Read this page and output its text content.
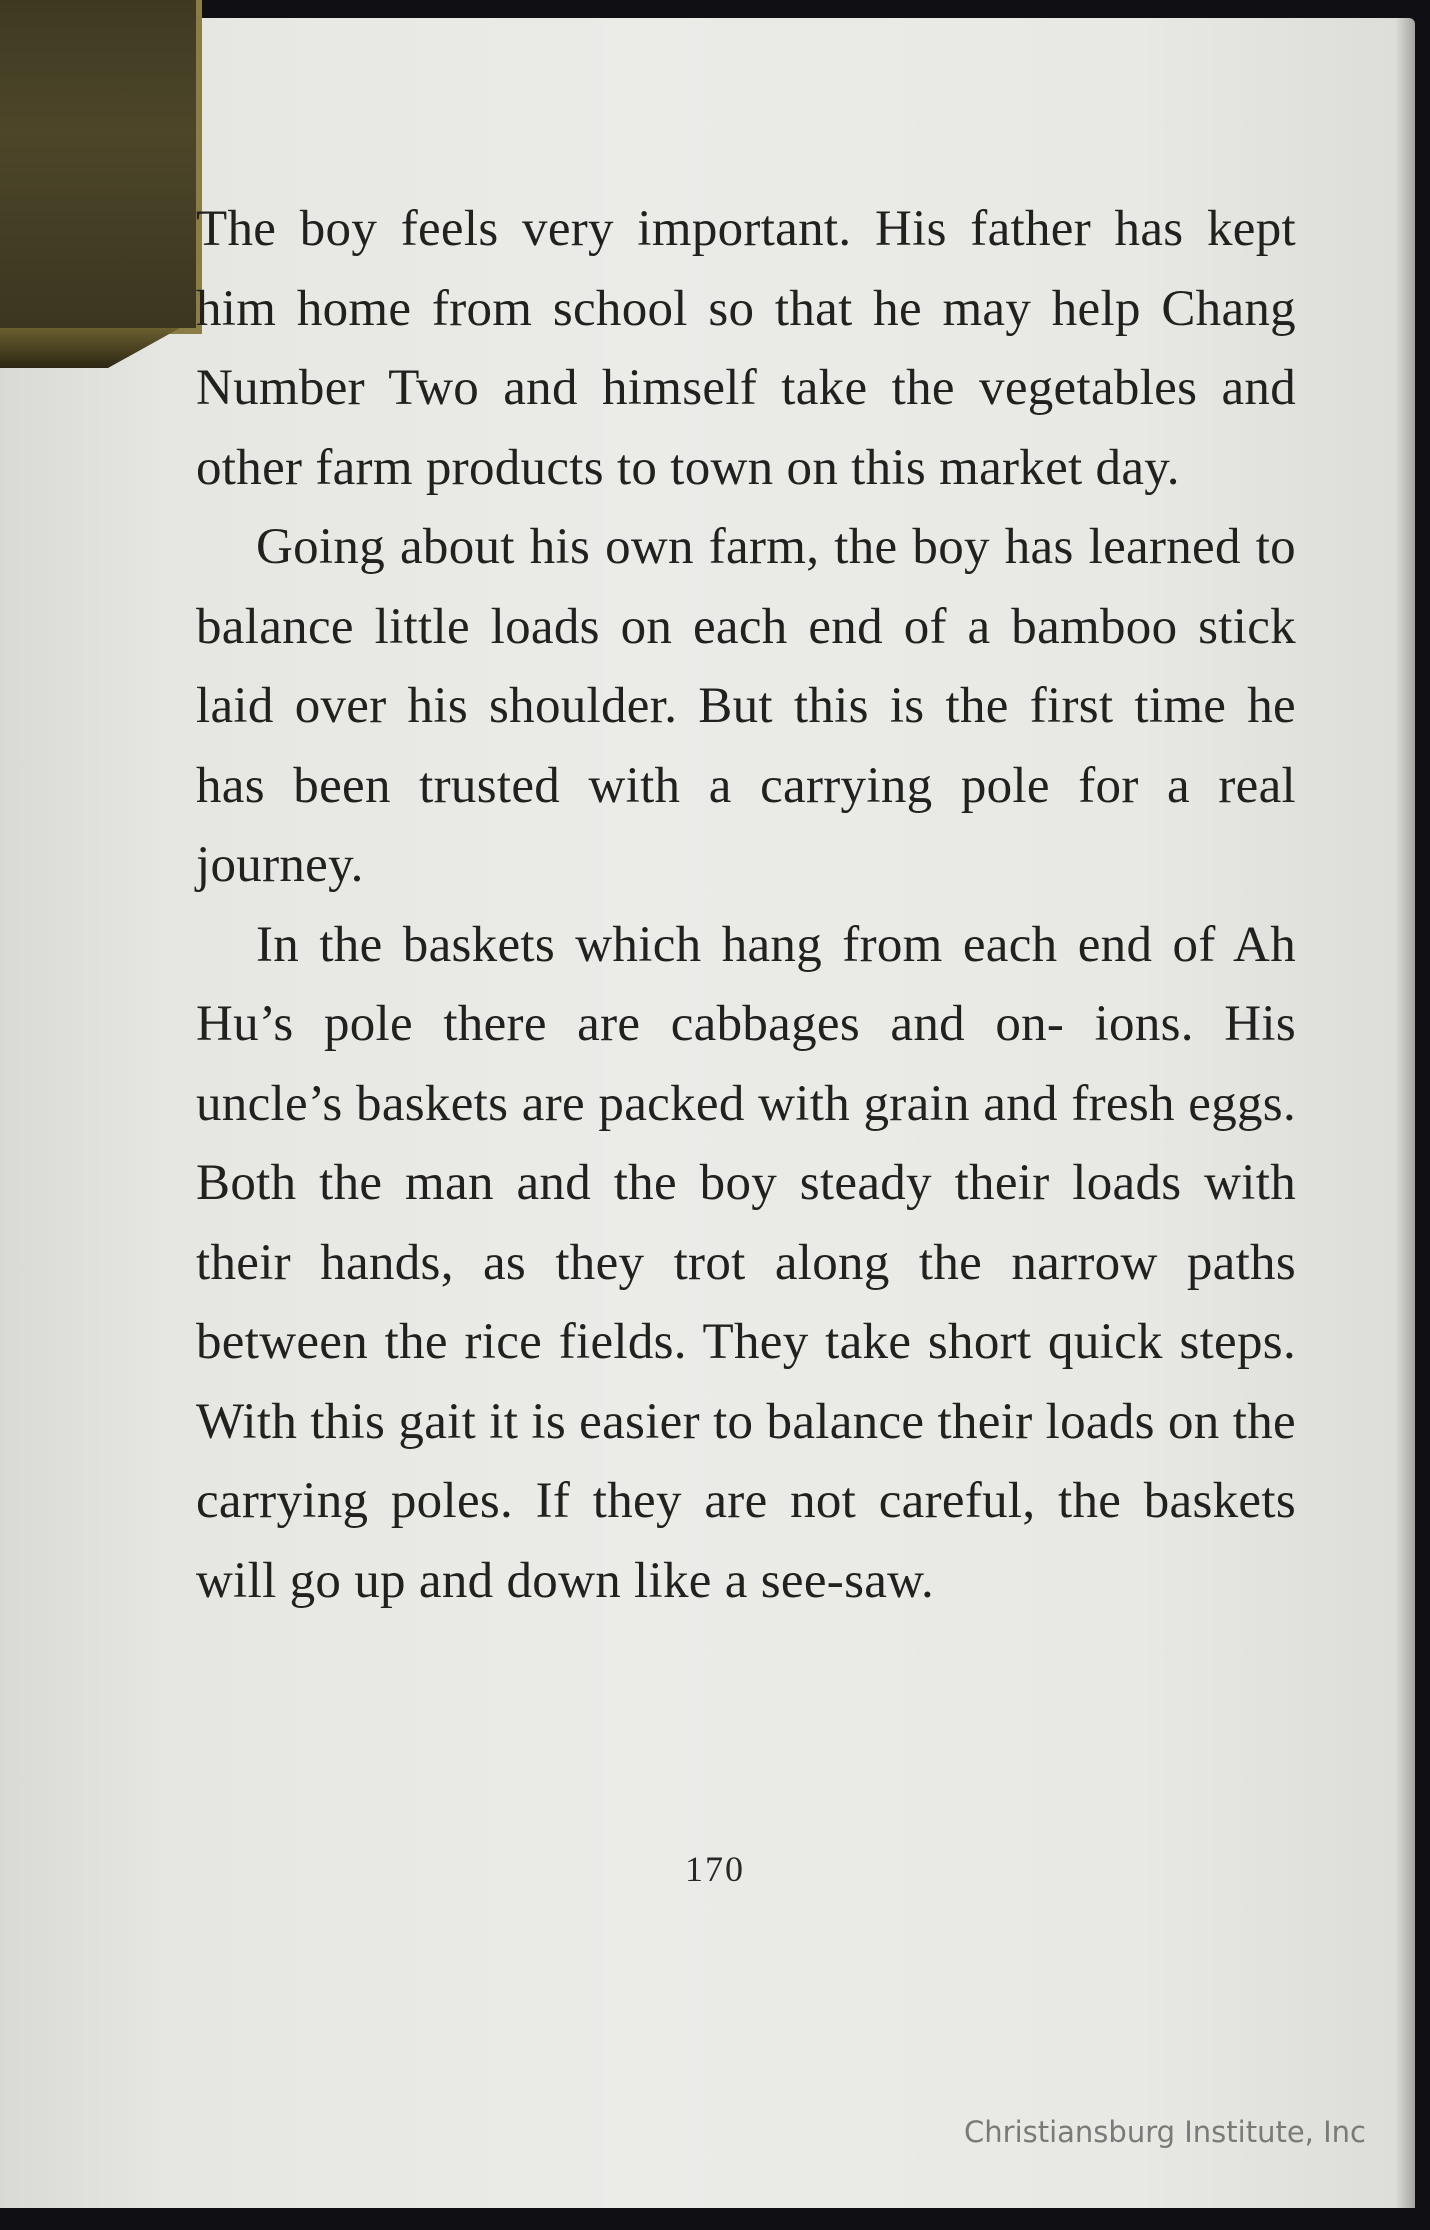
The boy feels very important. His father has kept him home from school so that he may help Chang Number Two and himself take the vegetables and other farm products to town on this market day.

Going about his own farm, the boy has learned to balance little loads on each end of a bamboo stick laid over his shoulder. But this is the first time he has been trusted with a carrying pole for a real journey.

In the baskets which hang from each end of Ah Hu’s pole there are cabbages and on- ions. His uncle’s baskets are packed with grain and fresh eggs. Both the man and the boy steady their loads with their hands, as they trot along the narrow paths between the rice fields. They take short quick steps. With this gait it is easier to balance their loads on the carrying poles. If they are not careful, the baskets will go up and down like a see-saw.

170
Christiansburg Institute, Inc
